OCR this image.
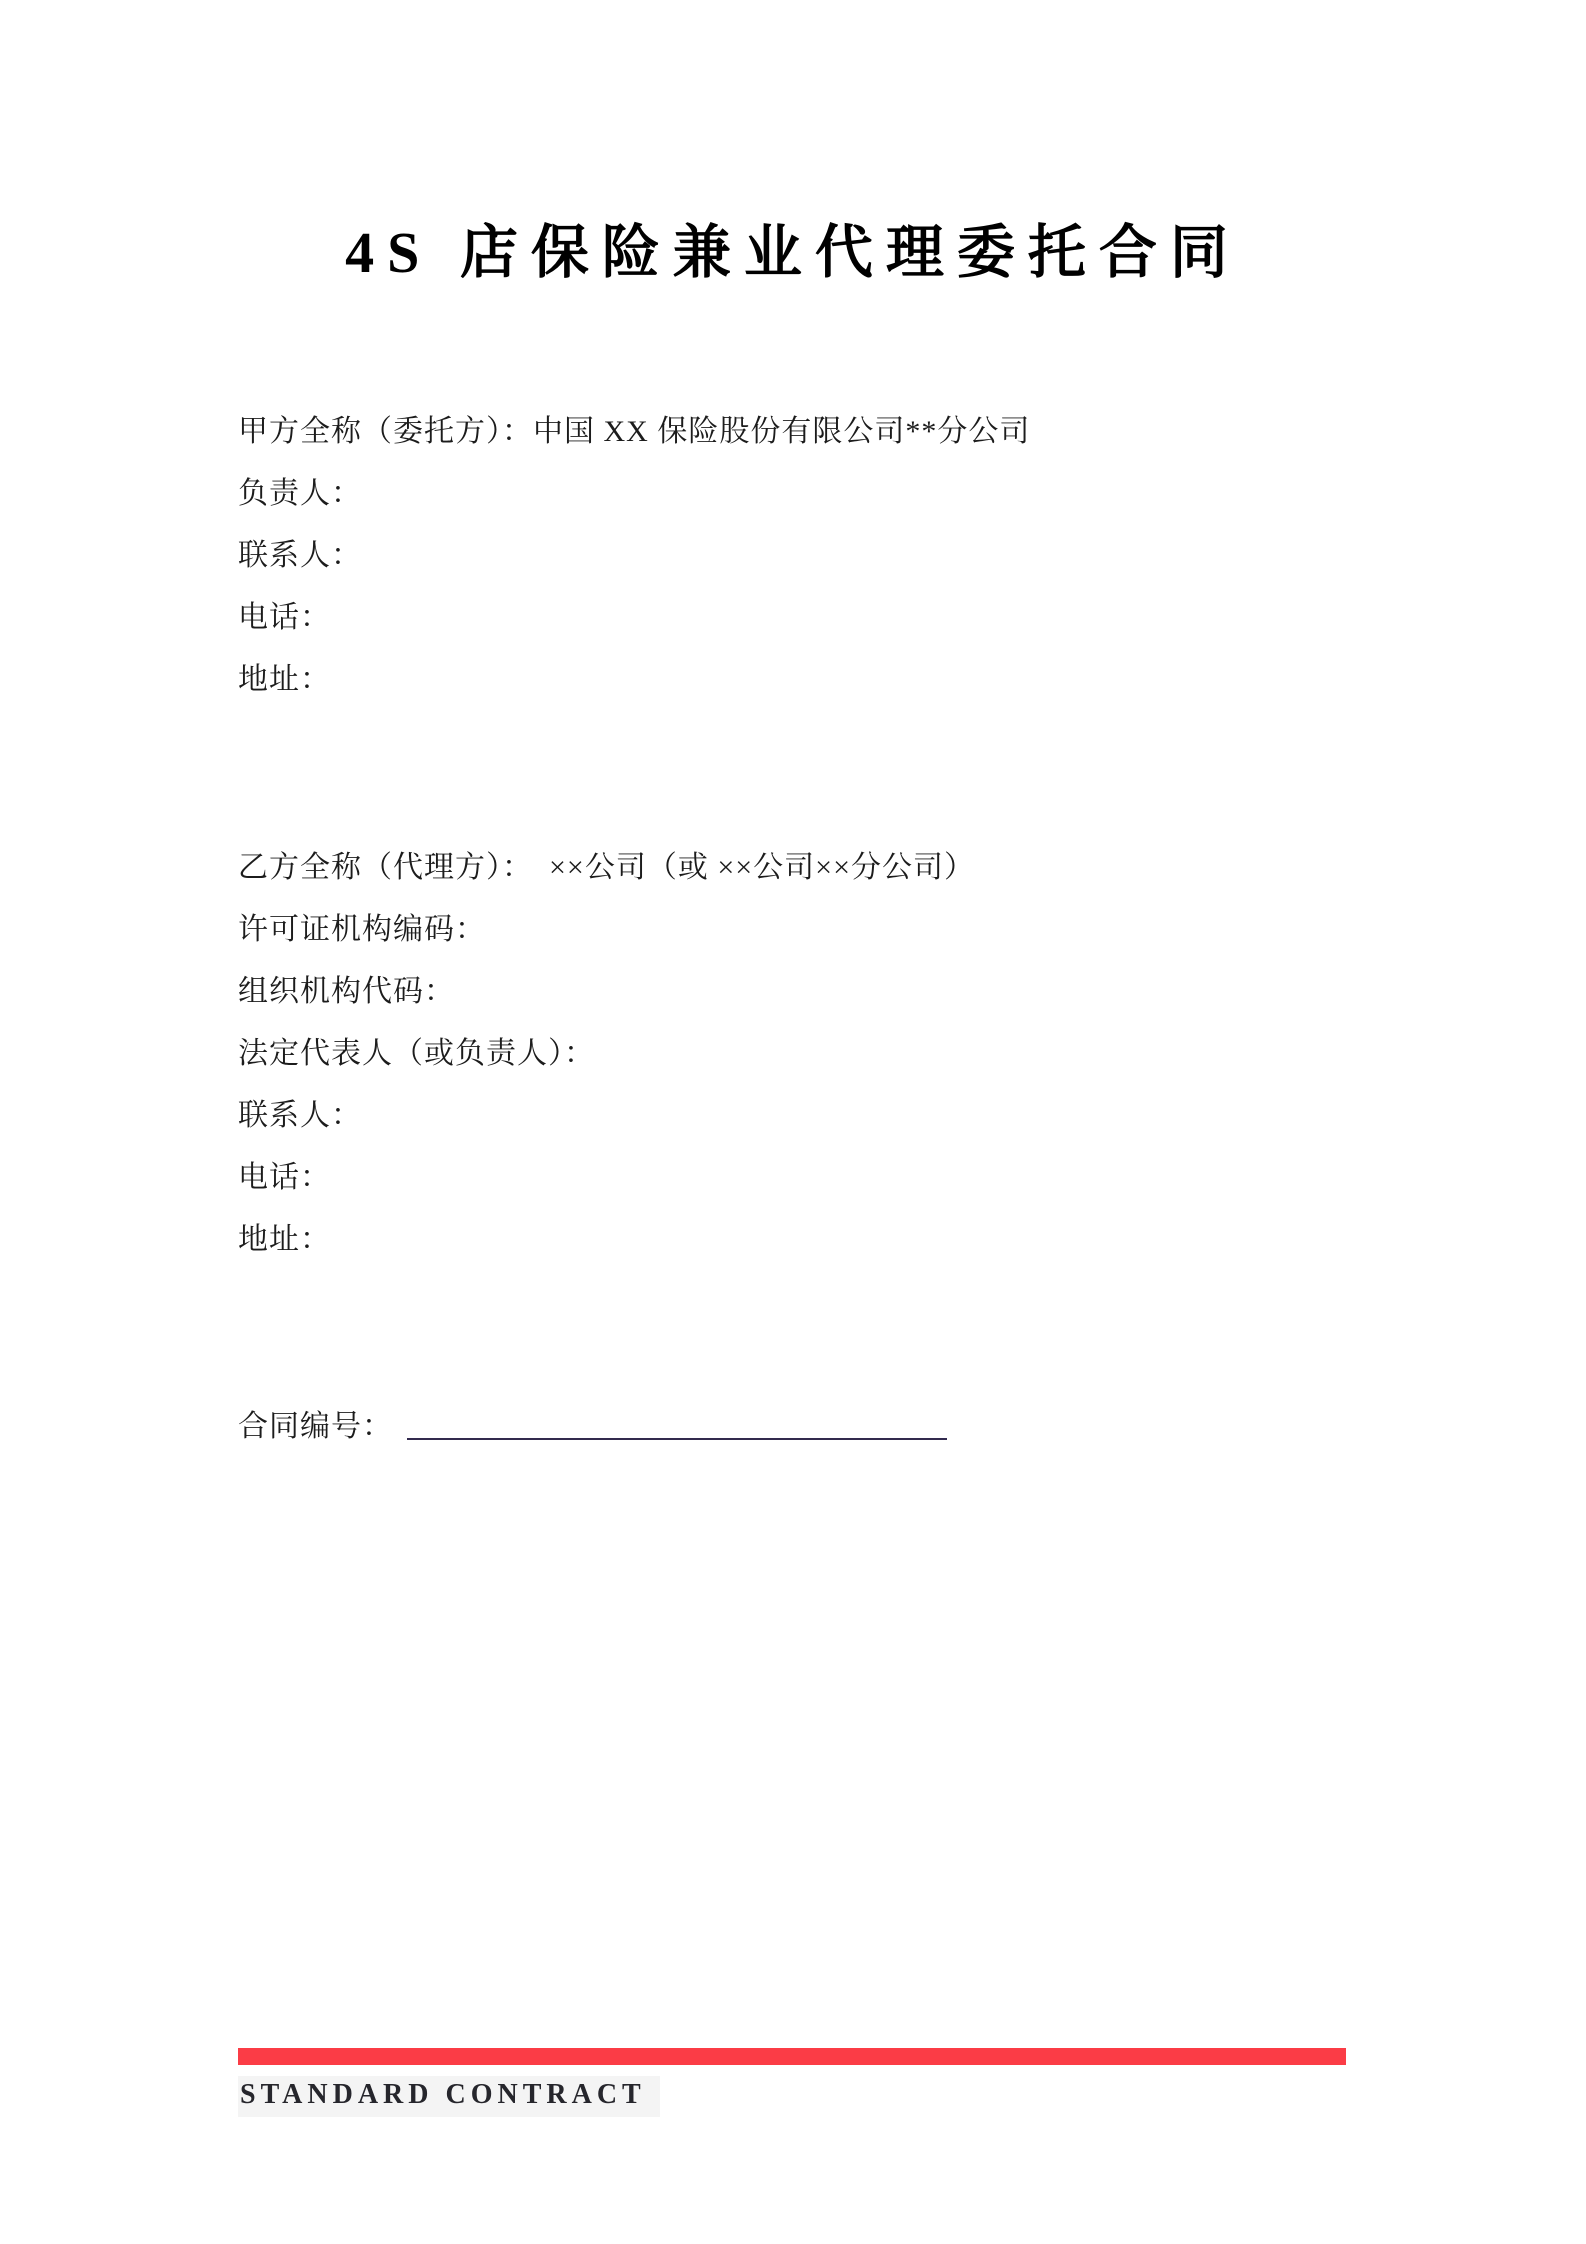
4S 店保险兼业代理委托合同

甲方全称（委托方）：中国 XX 保险股份有限公司**分公司

负责人：

联系人：

电话：

地址：

乙方全称（代理方）：　××公司（或 ××公司××分公司）

许可证机构编码：

组织机构代码：

法定代表人（或负责人）：

联系人：

电话：

地址：

合同编号：
STANDARD CONTRACT
